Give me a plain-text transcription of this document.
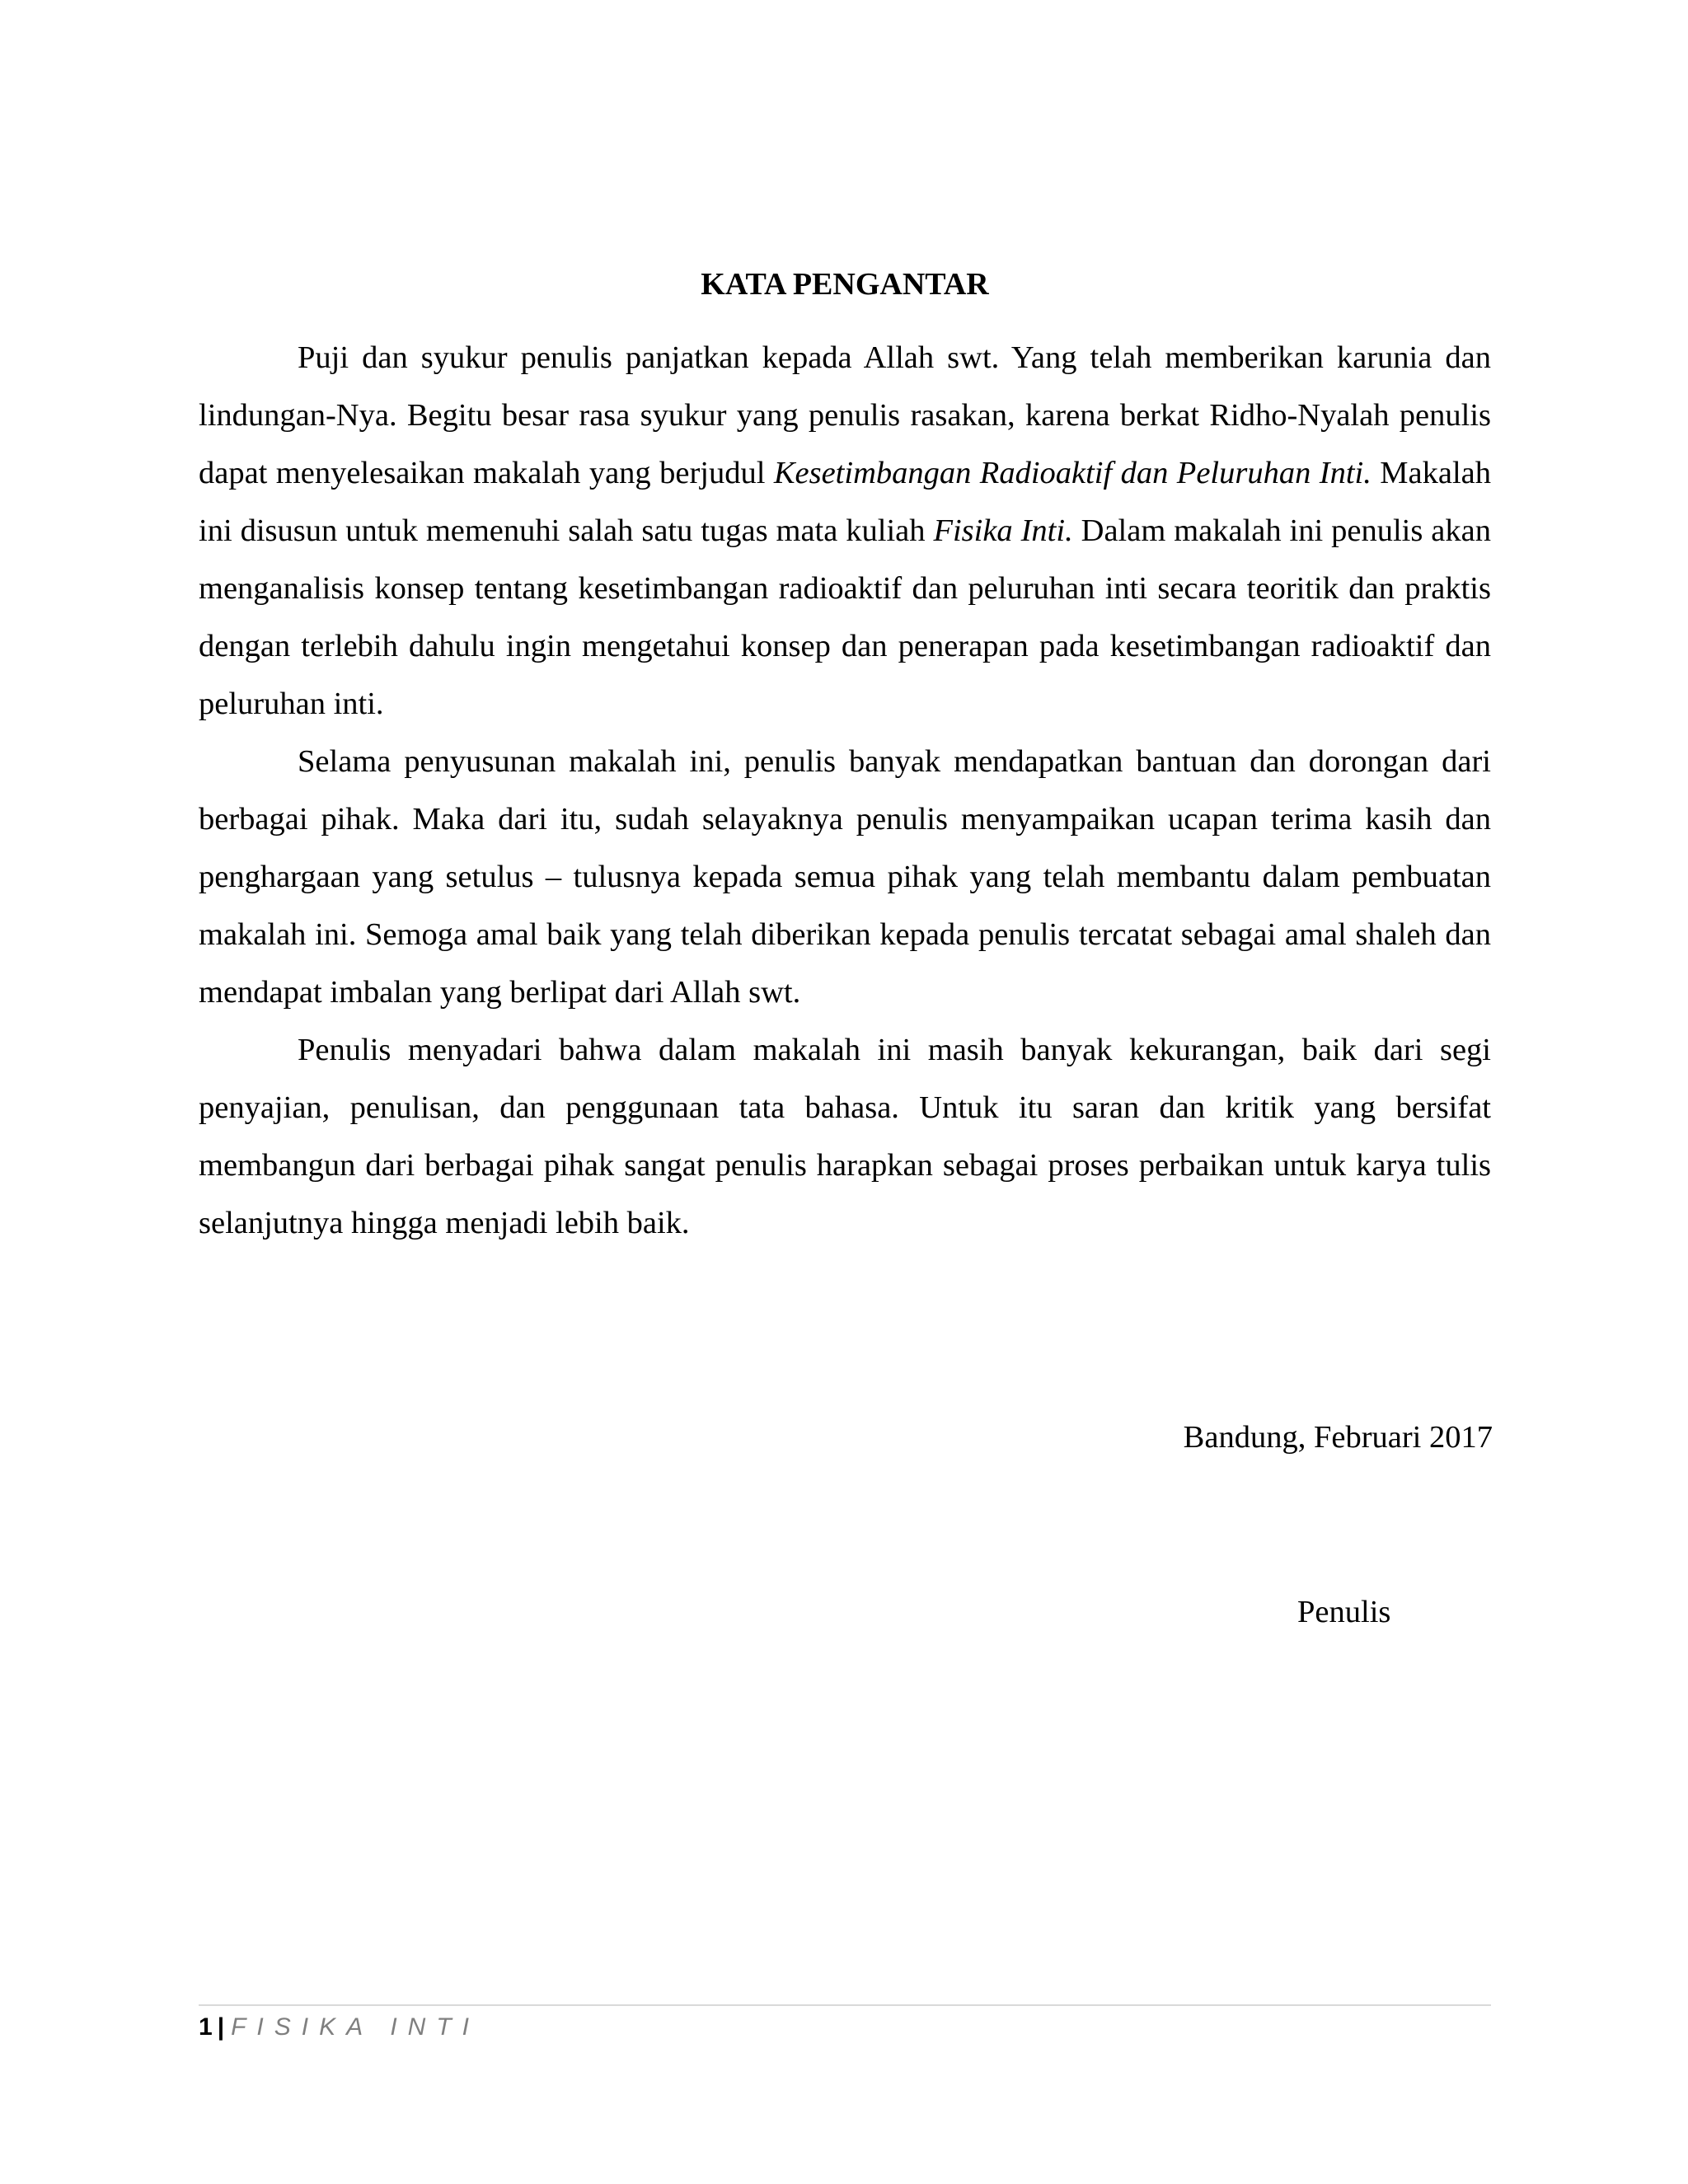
KATA PENGANTAR

Puji dan syukur penulis panjatkan kepada Allah swt. Yang telah memberikan karunia dan lindungan-Nya. Begitu besar rasa syukur yang penulis rasakan, karena berkat Ridho-Nyalah penulis dapat menyelesaikan makalah yang berjudul Kesetimbangan Radioaktif dan Peluruhan Inti. Makalah ini disusun untuk memenuhi salah satu tugas mata kuliah Fisika Inti. Dalam makalah ini penulis akan menganalisis konsep tentang kesetimbangan radioaktif dan peluruhan inti secara teoritik dan praktis dengan terlebih dahulu ingin mengetahui konsep dan penerapan pada kesetimbangan radioaktif dan peluruhan inti.

Selama penyusunan makalah ini, penulis banyak mendapatkan bantuan dan dorongan dari berbagai pihak. Maka dari itu, sudah selayaknya penulis menyampaikan ucapan terima kasih dan penghargaan yang setulus – tulusnya kepada semua pihak yang telah membantu dalam pembuatan makalah ini. Semoga amal baik yang telah diberikan kepada penulis tercatat sebagai amal shaleh dan mendapat imbalan yang berlipat dari Allah swt.

Penulis menyadari bahwa dalam makalah ini masih banyak kekurangan, baik dari segi penyajian, penulisan, dan penggunaan tata bahasa. Untuk itu saran dan kritik yang bersifat membangun dari berbagai pihak sangat penulis harapkan sebagai proses perbaikan untuk karya tulis selanjutnya hingga menjadi lebih baik.

Bandung, Februari 2017
Penulis
1 | FISIKA INTI
